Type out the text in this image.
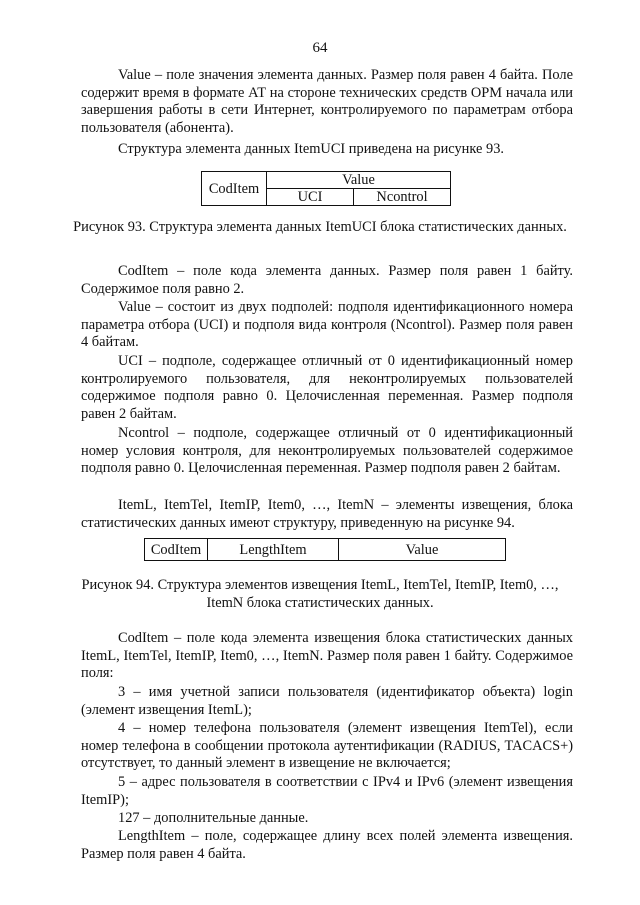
64
Value – поле значения элемента данных. Размер поля равен 4 байта. Поле содержит время в формате АТ на стороне технических средств ОРМ начала или завершения работы в сети Интернет, контролируемого по параметрам отбора пользователя (абонента).
Структура элемента данных ItemUCI приведена на рисунке 93.
CodItem	Value	
	UCI	Ncontrol
Рисунок 93. Структура элемента данных ItemUCI блока статистических данных.
CodItem – поле кода элемента данных. Размер поля равен 1 байту. Содержимое поля равно 2.
Value – состоит из двух подполей: подполя идентификационного номера параметра отбора (UCI) и подполя вида контроля (Ncontrol). Размер поля равен 4 байтам.
UCI – подполе, содержащее отличный от 0 идентификационный номер контролируемого пользователя, для неконтролируемых пользователей содержимое подполя равно 0. Целочисленная переменная. Размер подполя равен 2 байтам.
Ncontrol – подполе, содержащее отличный от 0 идентификационный номер условия контроля, для неконтролируемых пользователей содержимое подполя равно 0. Целочисленная переменная. Размер подполя равен 2 байтам.
ItemL, ItemTel, ItemIP, Item0, …, ItemN – элементы извещения, блока статистических данных имеют структуру, приведенную на рисунке 94.
CodItem	LengthItem	Value
Рисунок 94. Структура элементов извещения ItemL, ItemTel, ItemIP, Item0, …, ItemN блока статистических данных.
CodItem – поле кода элемента извещения блока статистических данных ItemL, ItemTel, ItemIP, Item0, …, ItemN. Размер поля равен 1 байту. Содержимое поля:
3 – имя учетной записи пользователя (идентификатор объекта) login (элемент извещения ItemL);
4 – номер телефона пользователя (элемент извещения ItemTel), если номер телефона в сообщении протокола аутентификации (RADIUS, TACACS+) отсутствует, то данный элемент в извещение не включается;
5 – адрес пользователя в соответствии с IPv4 и IPv6 (элемент извещения ItemIP);
127 – дополнительные данные.
LengthItem – поле, содержащее длину всех полей элемента извещения. Размер поля равен 4 байта.
